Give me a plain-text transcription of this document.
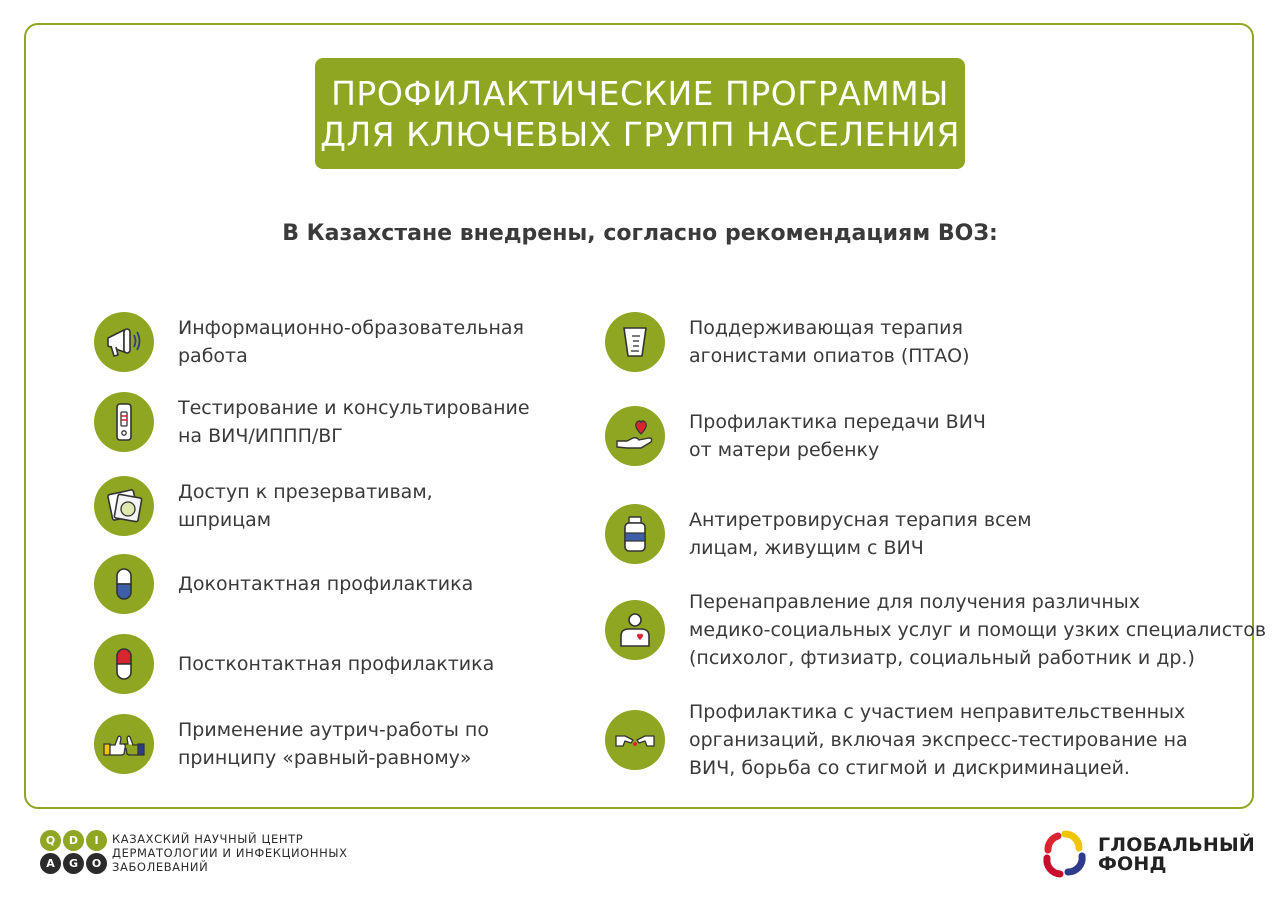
ПРОФИЛАКТИЧЕСКИЕ ПРОГРАММЫ
ДЛЯ КЛЮЧЕВЫХ ГРУПП НАСЕЛЕНИЯ
В Казахстане внедрены, согласно рекомендациям ВОЗ:
Информационно-образовательная
работа
Тестирование и консультирование
на ВИЧ/ИППП/ВГ
Доступ к презервативам,
шприцам
Доконтактная профилактика
Постконтактная профилактика
Применение аутрич-работы по
принципу «равный-равному»
Поддерживающая терапия
агонистами опиатов (ПТАО)
Профилактика передачи ВИЧ
от матери ребенку
Антиретровирусная терапия всем
лицам, живущим с ВИЧ
Перенаправление для получения различных
медико-социальных услуг и помощи узких специалистов
(психолог, фтизиатр, социальный работник и др.)
Профилактика с участием неправительственных
организаций, включая экспресс-тестирование на
ВИЧ, борьба со стигмой и дискриминацией.
Q	D	I
A	G	O
КАЗАХСКИЙ НАУЧНЫЙ ЦЕНТР
ДЕРМАТОЛОГИИ И ИНФЕКЦИОННЫХ
ЗАБОЛЕВАНИЙ
ГЛОБАЛЬНЫЙ
ФОНД
